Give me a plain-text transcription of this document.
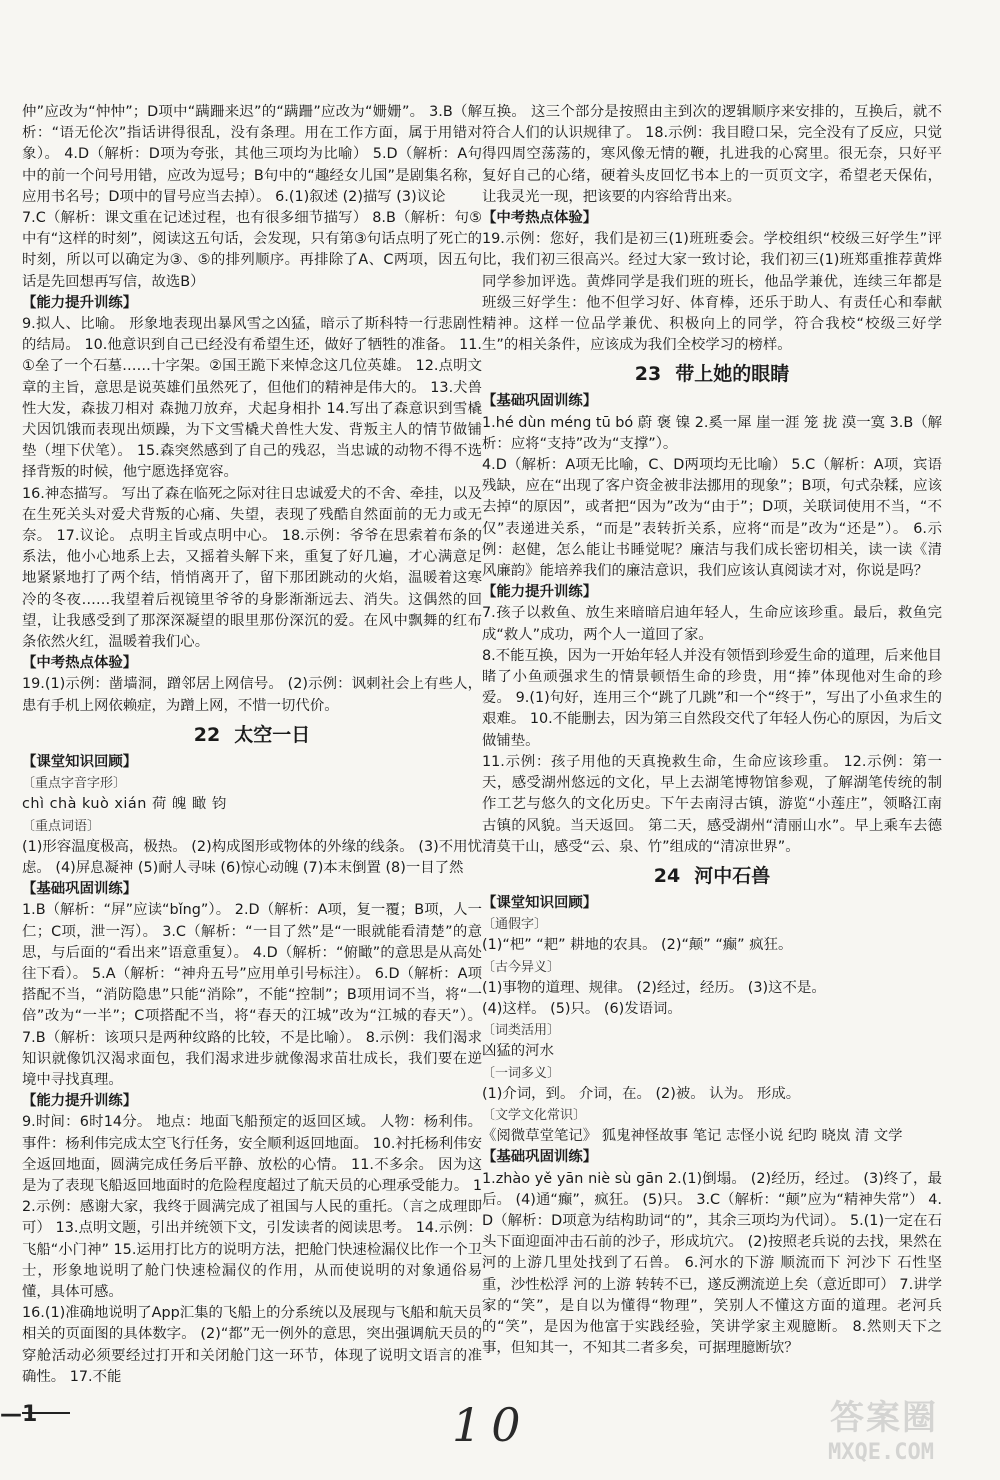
仲”应改为“忡忡”；D项中“蹒跚来迟”的“蹒跚”应改为“姗姗”。 3.B（解析：“语无伦次”指话讲得很乱，没有条理。用在工作方面，属于用错对象）。 4.D（解析：D项为夸张，其他三项均为比喻） 5.D（解析：A句中的前一个问号用错，应改为逗号；B句中的“趣经女儿国”是剧集名称，应用书名号；D项中的冒号应当去掉）。 6.(1)叙述 (2)描写 (3)议论

7.C（解析：课文重在记述过程，也有很多细节描写） 8.B（解析：句⑤中有“这样的时刻”，阅读这五句话，会发现，只有第③句话点明了死亡的时刻，所以可以确定为③、⑤的排列顺序。再排除了A、C两项，因五句话是先回想再写信，故选B）

【能力提升训练】

9.拟人、比喻。 形象地表现出暴风雪之凶猛，暗示了斯科特一行悲剧性的结局。 10.他意识到自己已经没有希望生还，做好了牺牲的准备。 11.①垒了一个石墓……十字架。②国王跪下来悼念这几位英雄。 12.点明文章的主旨，意思是说英雄们虽然死了，但他们的精神是伟大的。 13.犬兽性大发，森拔刀相对 森抛刀放弃，犬起身相扑 14.写出了森意识到雪橇犬因饥饿而表现出烦躁，为下文雪橇犬兽性大发、背叛主人的情节做铺垫（埋下伏笔）。 15.森突然感到了自己的残忍，当忠诚的动物不得不选择背叛的时候，他宁愿选择宽容。

16.神态描写。 写出了森在临死之际对往日忠诚爱犬的不舍、牵挂，以及在生死关头对爱犬背叛的心痛、失望，表现了残酷自然面前的无力或无奈。 17.议论。 点明主旨或点明中心。 18.示例：爷爷在思索着布条的系法，他小心地系上去，又摇着头解下来，重复了好几遍，才心满意足地紧紧地打了两个结，悄悄离开了，留下那团跳动的火焰，温暖着这寒冷的冬夜……我望着后视镜里爷爷的身影渐渐远去、消失。这偶然的回望，让我感受到了那深深凝望的眼里那份深沉的爱。在风中飘舞的红布条依然火红，温暖着我们心。

【中考热点体验】

19.(1)示例：凿墙洞，蹭邻居上网信号。 (2)示例：讽刺社会上有些人，患有手机上网依赖症，为蹭上网，不惜一切代价。

22 太空一日

【课堂知识回顾】

〔重点字音字形〕

chì chà kuò xián 荷 魄 瞰 钧

〔重点词语〕

(1)形容温度极高，极热。 (2)构成图形或物体的外缘的线条。 (3)不用忧虑。 (4)屏息凝神 (5)耐人寻味 (6)惊心动魄 (7)本末倒置 (8)一目了然

【基础巩固训练】

1.B（解析：“屏”应读“bǐng”）。 2.D（解析：A项，复一覆；B项，人一仁；C项，泄一泻）。 3.C（解析：“一目了然”是“一眼就能看清楚”的意思，与后面的“看出来”语意重复）。 4.D（解析：“俯瞰”的意思是从高处往下看）。 5.A（解析：“神舟五号”应用单引号标注）。 6.D（解析：A项搭配不当，“消防隐患”只能“消除”，不能“控制”；B项用词不当，将“一倍”改为“一半”；C项搭配不当，将“春天的江城”改为“江城的春天”）。 7.B（解析：该项只是两种纹路的比较，不是比喻）。 8.示例：我们渴求知识就像饥汉渴求面包，我们渴求进步就像渴求苗壮成长，我们要在逆境中寻找真理。

【能力提升训练】

9.时间：6时14分。 地点：地面飞船预定的返回区域。 人物：杨利伟。 事件：杨利伟完成太空飞行任务，安全顺利返回地面。 10.衬托杨利伟安全返回地面，圆满完成任务后平静、放松的心情。 11.不多余。 因为这是为了表现飞船返回地面时的危险程度超过了航天员的心理承受能力。 12.示例：感谢大家，我终于圆满完成了祖国与人民的重托。（言之成理即可） 13.点明文题，引出并统领下文，引发读者的阅读思考。 14.示例：飞船“小门神” 15.运用打比方的说明方法，把舱门快速检漏仪比作一个卫士，形象地说明了舱门快速检漏仪的作用，从而使说明的对象通俗易懂，具体可感。

16.(1)准确地说明了App汇集的飞船上的分系统以及展现与飞船和航天员相关的页面图的具体数字。 (2)“都”无一例外的意思，突出强调航天员的穿舱活动必须要经过打开和关闭舱门这一环节，体现了说明文语言的准确性。 17.不能

互换。 这三个部分是按照由主到次的逻辑顺序来安排的，互换后，就不符合人们的认识规律了。 18.示例：我目瞪口呆，完全没有了反应，只觉得四周空荡荡的，寒风像无情的鞭，扎进我的心窝里。很无奈，只好平复好自己的心绪，硬着头皮回忆书本上的一页页文字，希望老天保佑，让我灵光一现，把该要的内容给背出来。

【中考热点体验】

19.示例：您好，我们是初三(1)班班委会。学校组织“校级三好学生”评比，我们初三很高兴。经过大家一致讨论，我们初三(1)班郑重推荐黄烨同学参加评选。黄烨同学是我们班的班长，他品学兼优，连续三年都是班级三好学生：他不但学习好、体育棒，还乐于助人、有责任心和奉献精神。这样一位品学兼优、积极向上的同学，符合我校“校级三好学生”的相关条件，应该成为我们全校学习的榜样。

23 带上她的眼睛

【基础巩固训练】

1.hé dùn méng tū bó 蔚 褒 镍 2.奚一犀 崖一涯 笼 拢 漠一寞 3.B（解析：应将“支持”改为“支撑”）。

4.D（解析：A项无比喻，C、D两项均无比喻） 5.C（解析：A项，宾语残缺，应在“出现了客户资金被非法挪用的现象”；B项，句式杂糅，应该去掉“的原因”，或者把“因为”改为“由于”；D项，关联词使用不当，“不仅”表递进关系，“而是”表转折关系，应将“而是”改为“还是”）。 6.示例：赵健，怎么能让书睡觉呢？廉洁与我们成长密切相关，读一读《清风廉韵》能培养我们的廉洁意识，我们应该认真阅读才对，你说是吗？

【能力提升训练】

7.孩子以救鱼、放生来暗暗启迪年轻人，生命应该珍重。最后，救鱼完成“救人”成功，两个人一道回了家。

8.不能互换，因为一开始年轻人并没有领悟到珍爱生命的道理，后来他目睹了小鱼顽强求生的情景顿悟生命的珍贵，用“捧”体现他对生命的珍爱。 9.(1)句好，连用三个“跳了几跳”和一个“终于”，写出了小鱼求生的艰难。 10.不能删去，因为第三自然段交代了年轻人伤心的原因，为后文做铺垫。

11.示例：孩子用他的天真挽救生命，生命应该珍重。 12.示例：第一天，感受湖州悠远的文化，早上去湖笔博物馆参观，了解湖笔传统的制作工艺与悠久的文化历史。下午去南浔古镇，游览“小莲庄”，领略江南古镇的风貌。当天返回。 第二天，感受湖州“清丽山水”。早上乘车去德清莫干山，感受“云、泉、竹”组成的“清凉世界”。

24 河中石兽

【课堂知识回顾】

〔通假字〕

(1)“杷” “耙” 耕地的农具。 (2)“颠” “癫” 疯狂。

〔古今异义〕

(1)事物的道理、规律。 (2)经过，经历。 (3)这不是。

(4)这样。 (5)只。 (6)发语词。

〔词类活用〕

凶猛的河水

〔一词多义〕

(1)介词，到。 介词，在。 (2)被。 认为。 形成。

〔文学文化常识〕

《阅微草堂笔记》 狐鬼神怪故事 笔记 志怪小说 纪昀 晓岚 清 文学

【基础巩固训练】

1.zhào yě yān niè sù gān 2.(1)倒塌。 (2)经历，经过。 (3)终了，最后。 (4)通“癫”，疯狂。 (5)只。 3.C（解析：“颠”应为“精神失常”） 4.D（解析：D项意为结构助词“的”，其余三项均为代词）。 5.(1)一定在石头下面迎面冲击石前的沙子，形成坑穴。 (2)按照老兵说的去找，果然在河的上游几里处找到了石兽。 6.河水的下游 顺流而下 河沙下 石性坚重，沙性松浮 河的上游 转转不已，遂反溯流逆上矣（意近即可） 7.讲学家的“笑”，是自以为懂得“物理”，笑别人不懂这方面的道理。老河兵的“笑”，是因为他富于实践经验，笑讲学家主观臆断。 8.然则天下之事，但知其一，不知其二者多矣，可据理臆断欤？

—1	10	答案圈
MXQE.COM
